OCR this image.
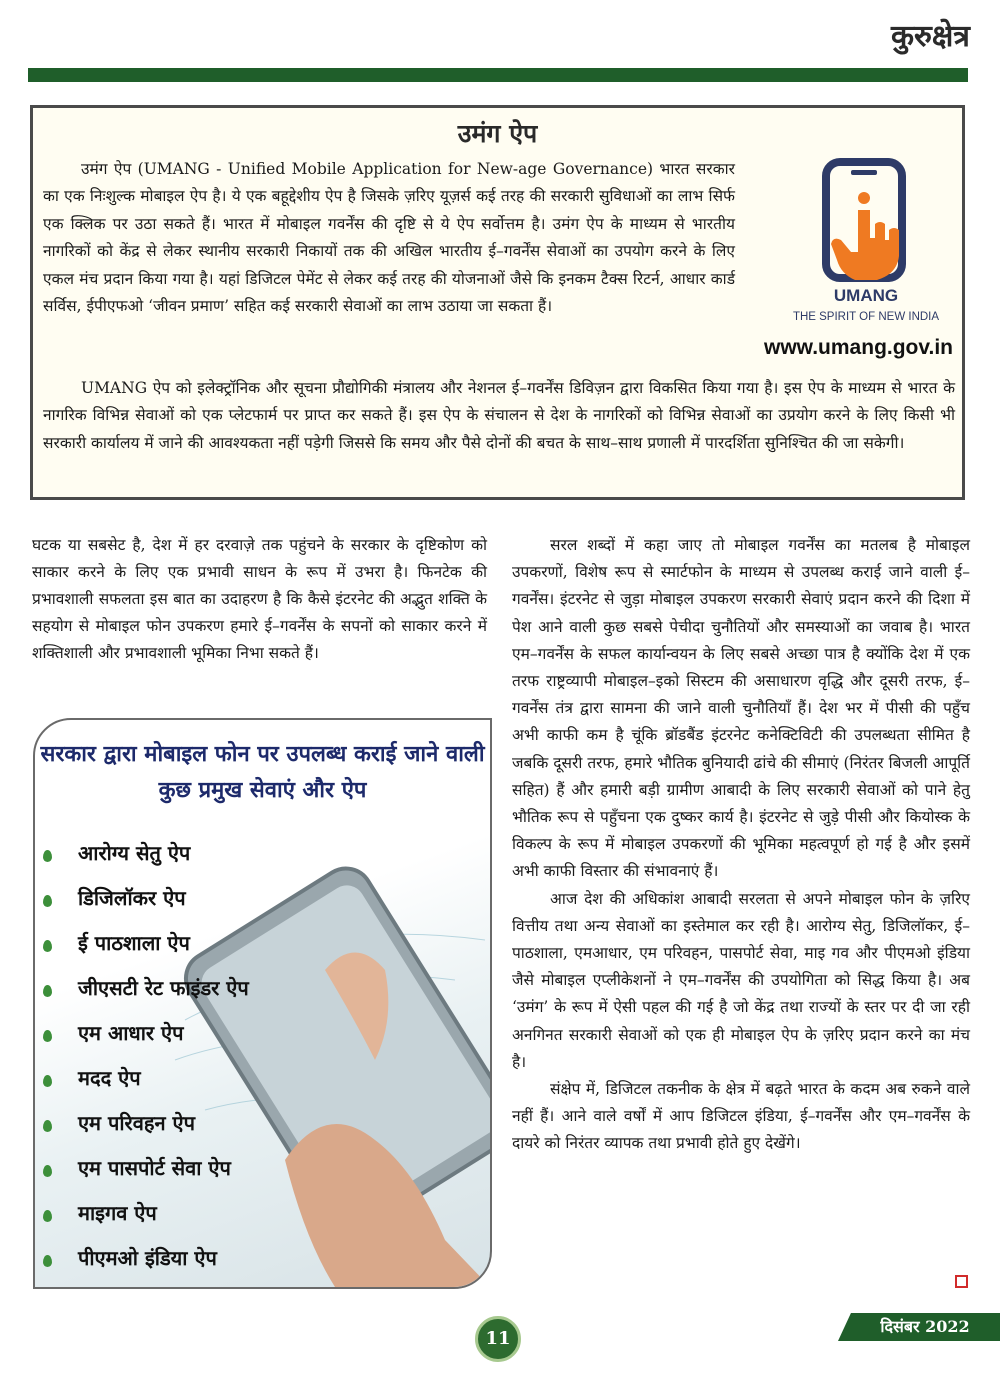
कुरुक्षेत्र
उमंग ऐप

उमंग ऐप (UMANG - Unified Mobile Application for New-age Governance) भारत सरकार का एक निःशुल्क मोबाइल ऐप है। ये एक बहूद्देशीय ऐप है जिसके ज़रिए यूज़र्स कई तरह की सरकारी सुविधाओं का लाभ सिर्फ एक क्लिक पर उठा सकते हैं। भारत में मोबाइल गवर्नेंस की दृष्टि से ये ऐप सर्वोत्तम है। उमंग ऐप के माध्यम से भारतीय नागरिकों को केंद्र से लेकर स्थानीय सरकारी निकायों तक की अखिल भारतीय ई–गवर्नेंस सेवाओं का उपयोग करने के लिए एकल मंच प्रदान किया गया है। यहां डिजिटल पेमेंट से लेकर कई तरह की योजनाओं जैसे कि इनकम टैक्स रिटर्न, आधार कार्ड सर्विस, ईपीएफओ ‘जीवन प्रमाण’ सहित कई सरकारी सेवाओं का लाभ उठाया जा सकता हैं।

UMANG
THE SPIRIT OF NEW INDIA
www.umang.gov.in

UMANG ऐप को इलेक्ट्रॉनिक और सूचना प्रौद्योगिकी मंत्रालय और नेशनल ई–गवर्नेंस डिविज़न द्वारा विकसित किया गया है। इस ऐप के माध्यम से भारत के नागरिक विभिन्न सेवाओं को एक प्लेटफार्म पर प्राप्त कर सकते हैं। इस ऐप के संचालन से देश के नागरिकों को विभिन्न सेवाओं का उप्रयोग करने के लिए किसी भी सरकारी कार्यालय में जाने की आवश्यकता नहीं पड़ेगी जिससे कि समय और पैसे दोनों की बचत के साथ–साथ प्रणाली में पारदर्शिता सुनिश्चित की जा सकेगी।

घटक या सबसेट है, देश में हर दरवाज़े तक पहुंचने के सरकार के दृष्टिकोण को साकार करने के लिए एक प्रभावी साधन के रूप में उभरा है। फिनटेक की प्रभावशाली सफलता इस बात का उदाहरण है कि कैसे इंटरनेट की अद्भुत शक्ति के सहयोग से मोबाइल फोन उपकरण हमारे ई–गवर्नेंस के सपनों को साकार करने में शक्तिशाली और प्रभावशाली भूमिका निभा सकते हैं।

सरकार द्वारा मोबाइल फोन पर उपलब्ध कराई जाने वाली कुछ प्रमुख सेवाएं और ऐप
आरोग्य सेतु ऐप
डिजिलॉकर ऐप
ई पाठशाला ऐप
जीएसटी रेट फाइंडर ऐप
एम आधार ऐप
मदद ऐप
एम परिवहन ऐप
एम पासपोर्ट सेवा ऐप
माइगव ऐप
पीएमओ इंडिया ऐप

सरल शब्दों में कहा जाए तो मोबाइल गवर्नेंस का मतलब है मोबाइल उपकरणों, विशेष रूप से स्मार्टफोन के माध्यम से उपलब्ध कराई जाने वाली ई–गवर्नेंस। इंटरनेट से जुड़ा मोबाइल उपकरण सरकारी सेवाएं प्रदान करने की दिशा में पेश आने वाली कुछ सबसे पेचीदा चुनौतियों और समस्याओं का जवाब है। भारत एम–गवर्नेंस के सफल कार्यान्वयन के लिए सबसे अच्छा पात्र है क्योंकि देश में एक तरफ राष्ट्रव्यापी मोबाइल–इको सिस्टम की असाधारण वृद्धि और दूसरी तरफ, ई–गवर्नेंस तंत्र द्वारा सामना की जाने वाली चुनौतियाँ हैं। देश भर में पीसी की पहुँच अभी काफी कम है चूंकि ब्रॉडबैंड इंटरनेट कनेक्टिविटी की उपलब्धता सीमित है जबकि दूसरी तरफ, हमारे भौतिक बुनियादी ढांचे की सीमाएं (निरंतर बिजली आपूर्ति सहित) हैं और हमारी बड़ी ग्रामीण आबादी के लिए सरकारी सेवाओं को पाने हेतु भौतिक रूप से पहुँचना एक दुष्कर कार्य है। इंटरनेट से जुड़े पीसी और कियोस्क के विकल्प के रूप में मोबाइल उपकरणों की भूमिका महत्वपूर्ण हो गई है और इसमें अभी काफी विस्तार की संभावनाएं हैं।

आज देश की अधिकांश आबादी सरलता से अपने मोबाइल फोन के ज़रिए वित्तीय तथा अन्य सेवाओं का इस्तेमाल कर रही है। आरोग्य सेतु, डिजिलॉकर, ई–पाठशाला, एमआधार, एम परिवहन, पासपोर्ट सेवा, माइ गव और पीएमओ इंडिया जैसे मोबाइल एप्लीकेशनों ने एम–गवर्नेंस की उपयोगिता को सिद्ध किया है। अब ‘उमंग’ के रूप में ऐसी पहल की गई है जो केंद्र तथा राज्यों के स्तर पर दी जा रही अनगिनत सरकारी सेवाओं को एक ही मोबाइल ऐप के ज़रिए प्रदान करने का मंच है।

संक्षेप में, डिजिटल तकनीक के क्षेत्र में बढ़ते भारत के कदम अब रुकने वाले नहीं हैं। आने वाले वर्षों में आप डिजिटल इंडिया, ई–गवर्नेंस और एम–गवर्नेंस के दायरे को निरंतर व्यापक तथा प्रभावी होते हुए देखेंगे।

11
दिसंबर 2022
